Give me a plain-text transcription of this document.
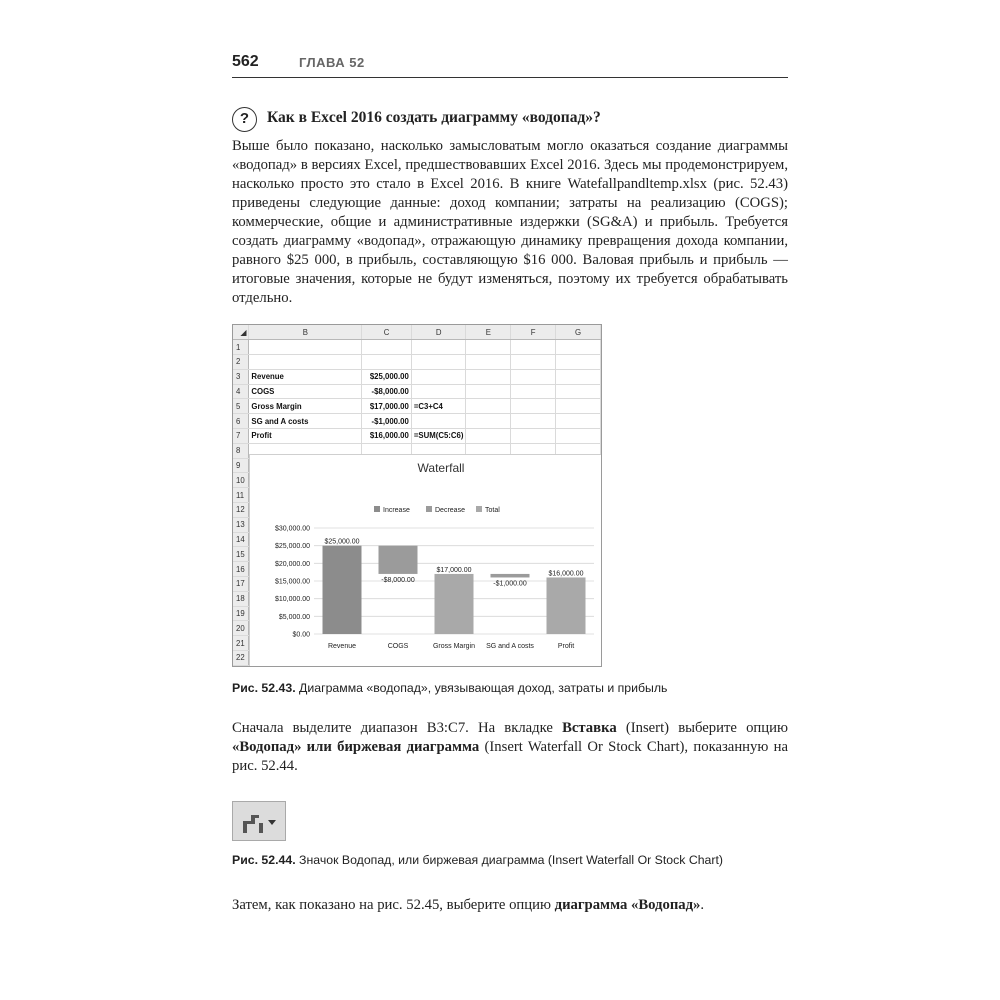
562	ГЛАВА 52
?	Как в Excel 2016 создать диаграмму «водопад»?
Выше было показано, насколько замысловатым могло оказаться создание диаграммы «водопад» в версиях Excel, предшествовавших Excel 2016. Здесь мы продемонстрируем, насколько просто это стало в Excel 2016. В книге Watefallpandltemp.xlsx (рис. 52.43) приведены следующие данные: доход компании; затраты на реализацию (COGS); коммерческие, общие и административные издержки (SG&A) и прибыль. Требуется создать диаграмму «водопад», отражающую динамику превращения дохода компании, равного $25 000, в прибыль, составляющую $16 000. Валовая прибыль и прибыль — итоговые значения, которые не будут изменяться, поэтому их требуется обрабатывать отдельно.
◢	B	C	D	E	F	G
1						
2						
3	Revenue	$25,000.00				
4	COGS	-$8,000.00				
5	Gross Margin	$17,000.00	=C3+C4			
6	SG and A costs	-$1,000.00				
7	Profit	$16,000.00	=SUM(C5:C6)			
8						
9						
10						
11						
12						
13						
14						
15						
16						
17						
18						
19						
20						
21						
22						
Waterfall
Increase	Decrease	Total
$0.00
$5,000.00
$10,000.00
$15,000.00
$20,000.00
$25,000.00
$30,000.00
$25,000.00
Revenue
-$8,000.00
COGS
$17,000.00
Gross Margin
-$1,000.00
SG and A costs
$16,000.00
Profit
Рис. 52.43. Диаграмма «водопад», увязывающая доход, затраты и прибыль
Сначала выделите диапазон В3:С7. На вкладке Вставка (Insert) выберите опцию «Водопад» или биржевая диаграмма (Insert Waterfall Or Stock Chart), показанную на рис. 52.44.
Рис. 52.44. Значок Водопад, или биржевая диаграмма (Insert Waterfall Or Stock Chart)
Затем, как показано на рис. 52.45, выберите опцию диаграмма «Водопад».
